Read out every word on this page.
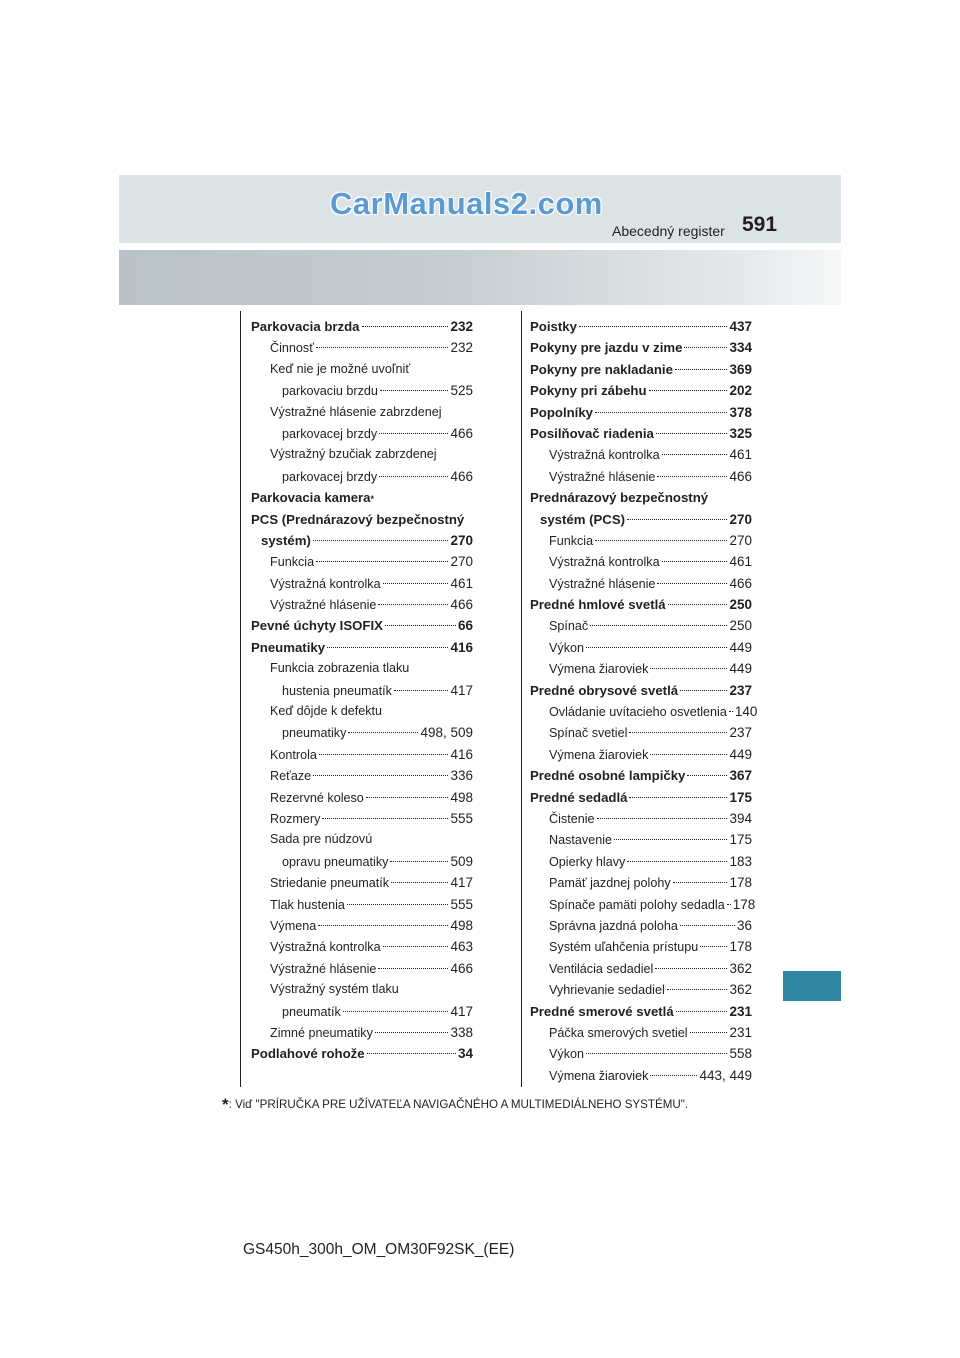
CarManuals2.com
Abecedný register 591
Parkovacia brzda	232
Činnosť	232
Keď nie je možné uvoľniť
parkovaciu brzdu	525
Výstražné hlásenie zabrzdenej
parkovacej brzdy	466
Výstražný bzučiak zabrzdenej
parkovacej brzdy	466
Parkovacia kamera *
PCS (Prednárazový bezpečnostný
systém)	270
Funkcia	270
Výstražná kontrolka	461
Výstražné hlásenie	466
Pevné úchyty ISOFIX	66
Pneumatiky	416
Funkcia zobrazenia tlaku
hustenia pneumatík	417
Keď dôjde k defektu
pneumatiky	498, 509
Kontrola	416
Reťaze	336
Rezervné koleso	498
Rozmery	555
Sada pre núdzovú
opravu pneumatiky	509
Striedanie pneumatík	417
Tlak hustenia	555
Výmena	498
Výstražná kontrolka	463
Výstražné hlásenie	466
Výstražný systém tlaku
pneumatík	417
Zimné pneumatiky	338
Podlahové rohože	34
Poistky	437
Pokyny pre jazdu v zime	334
Pokyny pre nakladanie	369
Pokyny pri zábehu	202
Popolníky	378
Posilňovač riadenia	325
Výstražná kontrolka	461
Výstražné hlásenie	466
Prednárazový bezpečnostný
systém (PCS)	270
Funkcia	270
Výstražná kontrolka	461
Výstražné hlásenie	466
Predné hmlové svetlá	250
Spínač	250
Výkon	449
Výmena žiaroviek	449
Predné obrysové svetlá	237
Ovládanie uvítacieho osvetlenia 140
Spínač svetiel	237
Výmena žiaroviek	449
Predné osobné lampičky	367
Predné sedadlá	175
Čistenie	394
Nastavenie	175
Opierky hlavy	183
Pamäť jazdnej polohy	178
Spínače pamäti polohy sedadla 178
Správna jazdná poloha	36
Systém uľahčenia prístupu 178
Ventilácia sedadiel	362
Vyhrievanie sedadiel	362
Predné smerové svetlá	231
Páčka smerových svetiel	231
Výkon	558
Výmena žiaroviek	443, 449
*: Viď "PRÍRUČKA PRE UŽÍVATEĽA NAVIGAČNÉHO A MULTIMEDIÁLNEHO SYSTÉMU".
GS450h_300h_OM_OM30F92SK_(EE)
